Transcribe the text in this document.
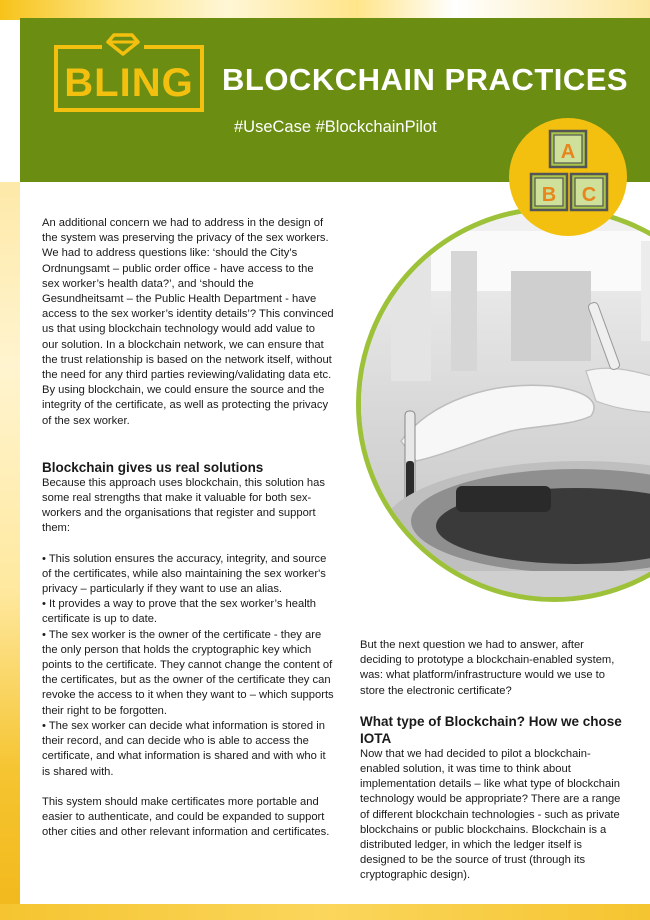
BLING BLOCKCHAIN PRACTICES
#UseCase #BlockchainPilot
A
B C

An additional concern we had to address in the design of the system was preserving the privacy of the sex workers. We had to address questions like: ‘should the City’s Ordnungsamt – public order office - have access to the sex worker’s health data?’, and ‘should the Gesundheitsamt – the Public Health Department - have access to the sex worker’s identity details’? This convinced us that using blockchain technology would add value to our solution. In a blockchain network, we can ensure that the trust relationship is based on the network itself, without the need for any third parties reviewing/validating data etc. By using blockchain, we could ensure the source and the integrity of the certificate, as well as protecting the privacy of the sex worker.

Blockchain gives us real solutions

Because this approach uses blockchain, this solution has some real strengths that make it valuable for both sex-workers and the organisations that register and support them:

• This solution ensures the accuracy, integrity, and source of the certificates, while also maintaining the sex worker's privacy – particularly if they want to use an alias.

• It provides a way to prove that the sex worker’s health certificate is up to date.

• The sex worker is the owner of the certificate - they are the only person that holds the cryptographic key which points to the certificate. They cannot change the content of the certificates, but as the owner of the certificate they can revoke the access to it when they want to – which supports their right to be forgotten.

• The sex worker can decide what information is stored in their record, and can decide who is able to access the certificate, and what information is shared and with who it is shared with.

This system should make certificates more portable and easier to authenticate, and could be expanded to support other cities and other relevant information and certificates.

But the next question we had to answer, after deciding to prototype a blockchain-enabled system, was: what platform/infrastructure would we use to store the electronic certificate?

What type of Blockchain? How we chose IOTA

Now that we had decided to pilot a blockchain-enabled solution, it was time to think about implementation details – like what type of blockchain technology would be appropriate? There are a range of different blockchain technologies - such as private blockchains or public blockchains. Blockchain is a distributed ledger, in which the ledger itself is designed to be the source of trust (through its cryptographic design).
